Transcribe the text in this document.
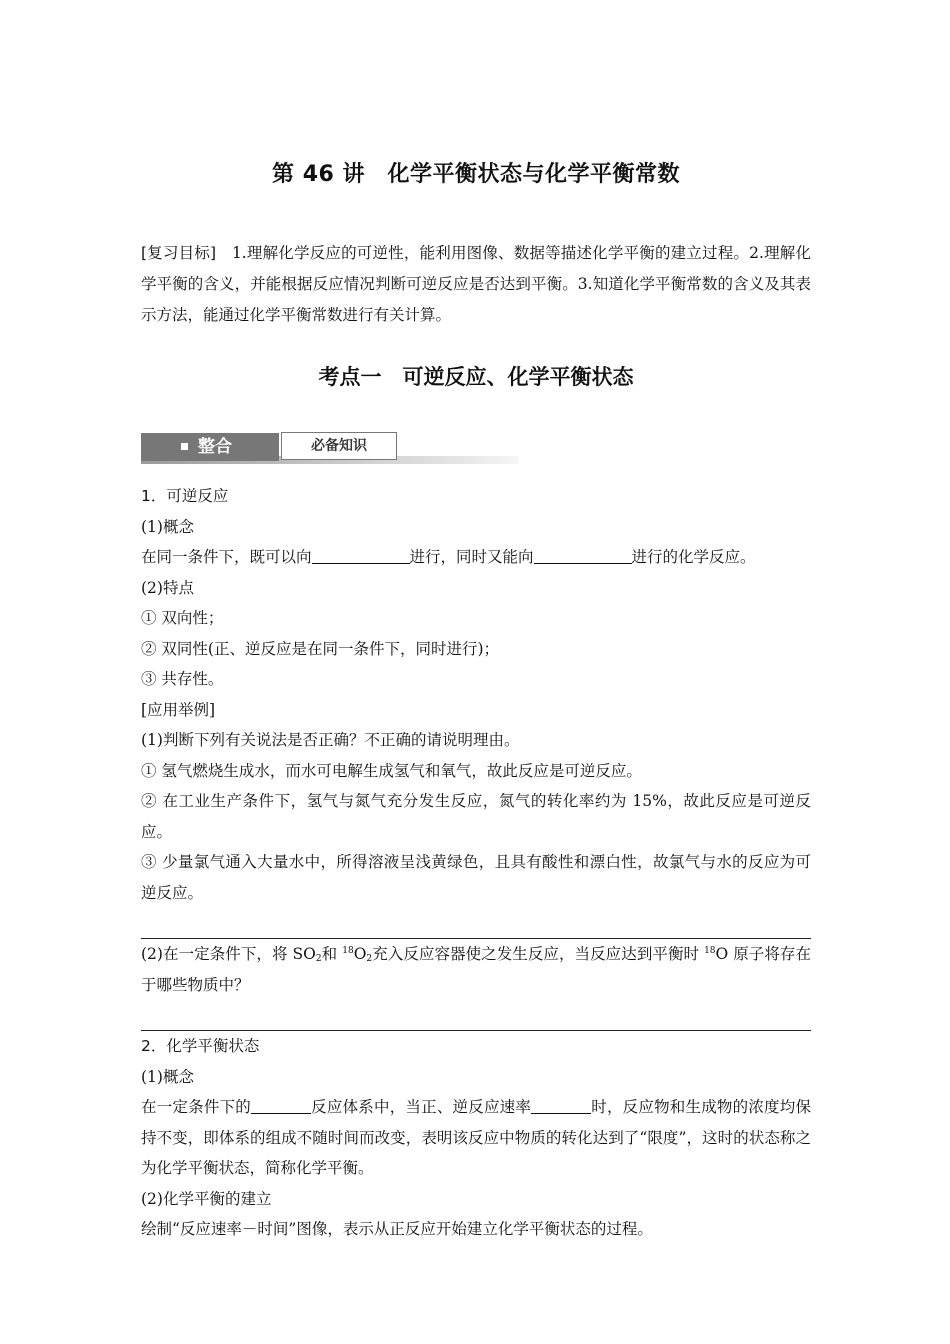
第 46 讲　化学平衡状态与化学平衡常数
[复习目标]　1.理解化学反应的可逆性，能利用图像、数据等描述化学平衡的建立过程。2.理解化学平衡的含义，并能根据反应情况判断可逆反应是否达到平衡。3.知道化学平衡常数的含义及其表示方法，能通过化学平衡常数进行有关计算。
考点一　可逆反应、化学平衡状态
整合	必备知识

1．可逆反应

(1)概念

在同一条件下，既可以向	进行，同时又能向	进行的化学反应。

(2)特点

① 双向性；

② 双同性(正、逆反应是在同一条件下，同时进行)；

③ 共存性。

[应用举例]

(1)判断下列有关说法是否正确？不正确的请说明理由。

① 氢气燃烧生成水，而水可电解生成氢气和氧气，故此反应是可逆反应。

② 在工业生产条件下，氢气与氮气充分发生反应，氮气的转化率约为 15%，故此反应是可逆反应。

③ 少量氯气通入大量水中，所得溶液呈浅黄绿色，且具有酸性和漂白性，故氯气与水的反应为可逆反应。

(2)在一定条件下，将 $SO_2$和 $^{18}O_2$充入反应容器使之发生反应，当反应达到平衡时 $^{18}$O 原子将存在于哪些物质中？

2．化学平衡状态

(1)概念

在一定条件下的	反应体系中，当正、逆反应速率	时，反应物和生成物的浓度均保持不变，即体系的组成不随时间而改变，表明该反应中物质的转化达到了“限度”，这时的状态称之为化学平衡状态，简称化学平衡。

(2)化学平衡的建立

绘制“反应速率－时间”图像，表示从正反应开始建立化学平衡状态的过程。
